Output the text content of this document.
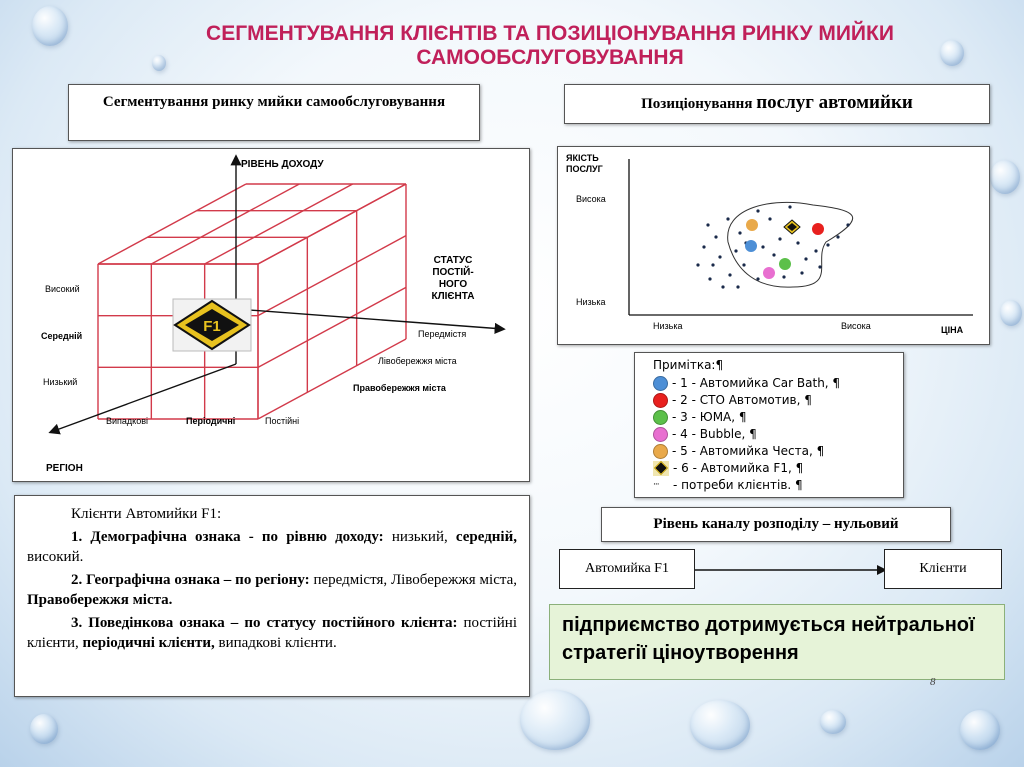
СЕГМЕНТУВАННЯ КЛІЄНТІВ ТА ПОЗИЦІОНУВАННЯ РИНКУ МИЙКИ САМООБСЛУГОВУВАННЯ
Сегментування ринку мийки самообслуговування	Позиціонування послуг автомийки
РІВЕНЬ ДОХОДУ
РЕГІОН
СТАТУС
ПОСТІЙ-
НОГО
КЛІЄНТА
Високий
Середній
Низький
Випадкові	Періодичні	Постійні
Передмістя
Лівобережжя міста
Правобережжя міста
F1
ЯКІСТЬ
ПОСЛУГ
Висока
Низька
Низька	Висока	ЦІНА
Примітка:¶
- 1 - Автомийка Car Bath, ¶
- 2 - СТО Автомотив, ¶
- 3 - ЮМА, ¶
- 4 - Bubble, ¶
- 5 - Автомийка Честа, ¶
- 6 - Автомийка F1, ¶
⋅⋅⋅	- потреби клієнтів. ¶

Клієнти Автомийки F1:

1. Демографічна ознака - по рівню доходу: низький, середній, високий.

2. Географічна ознака – по регіону: передмістя, Лівобережжя міста, Правобережжя міста.

3. Поведінкова ознака – по статусу постійного клієнта: постійні клієнти, періодичні клієнти, випадкові клієнти.

Рівень каналу розподілу – нульовий
Автомийка F1	Клієнти
підприємство дотримується нейтральної стратегії ціноутворення
8
